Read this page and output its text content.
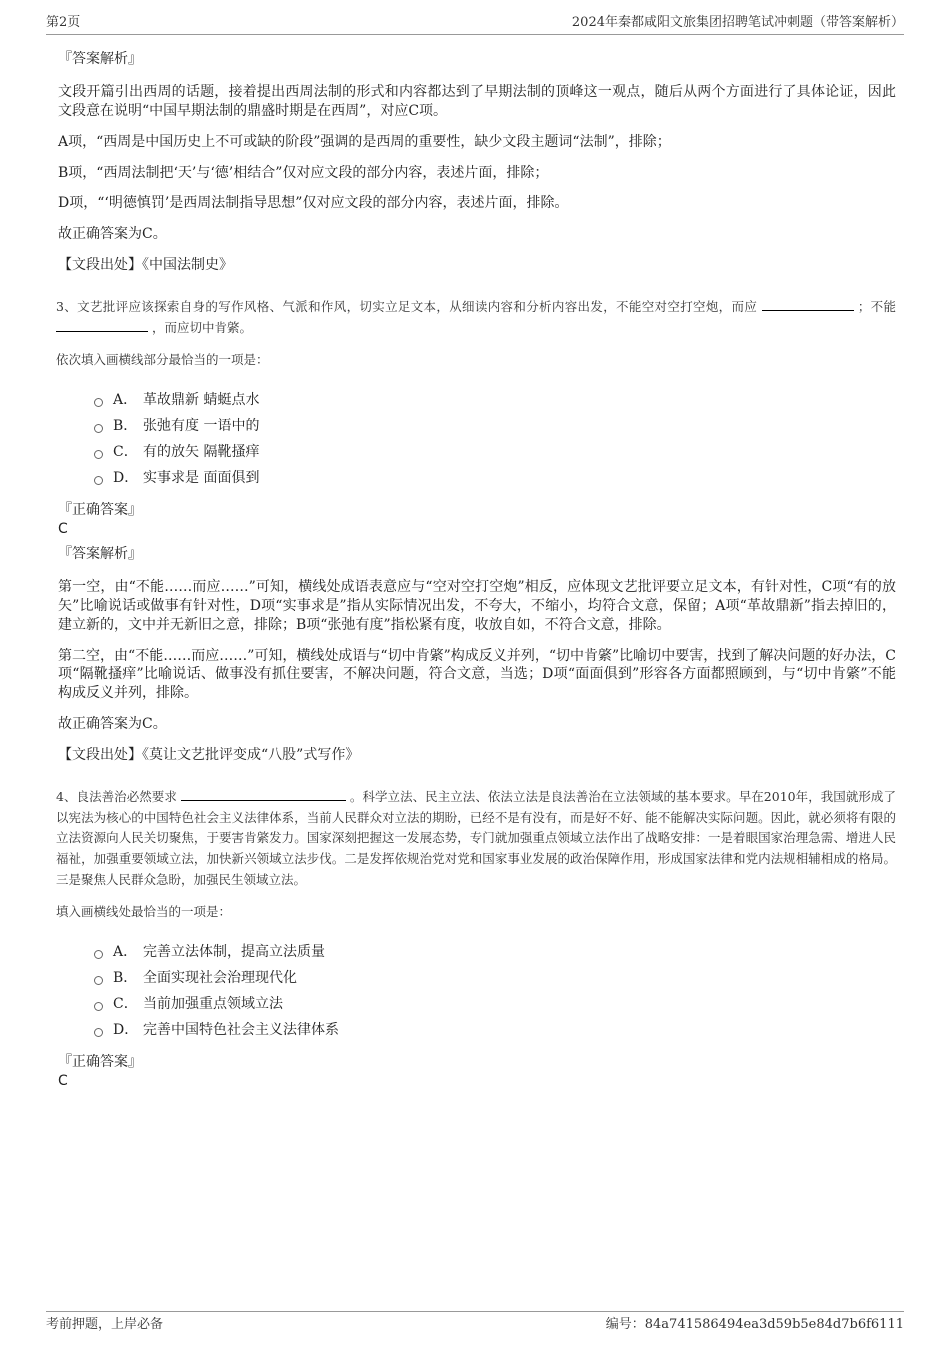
第2页	2024年秦都咸阳文旅集团招聘笔试冲刺题（带答案解析）
『答案解析』

文段开篇引出西周的话题，接着提出西周法制的形式和内容都达到了早期法制的顶峰这一观点，随后从两个方面进行了具体论证，因此文段意在说明“中国早期法制的鼎盛时期是在西周”，对应C项。

A项，“西周是中国历史上不可或缺的阶段”强调的是西周的重要性，缺少文段主题词“法制”，排除；

B项，“西周法制把‘天’与‘德’相结合”仅对应文段的部分内容，表述片面，排除；

D项，“‘明德慎罚’是西周法制指导思想”仅对应文段的部分内容，表述片面，排除。

故正确答案为C。

【文段出处】《中国法制史》

3、文艺批评应该探索自身的写作风格、气派和作风，切实立足文本，从细读内容和分析内容出发，不能空对空打空炮，而应	；不能  ，而应切中肯綮。

依次填入画横线部分最恰当的一项是：

A． 革故鼎新 蜻蜓点水
B． 张弛有度 一语中的
C． 有的放矢 隔靴搔痒
D． 实事求是 面面俱到
『正确答案』
C
『答案解析』

第一空，由“不能……而应……”可知，横线处成语表意应与“空对空打空炮”相反，应体现文艺批评要立足文本，有针对性，C项“有的放矢”比喻说话或做事有针对性，D项“实事求是”指从实际情况出发，不夸大，不缩小，均符合文意，保留；A项“革故鼎新”指去掉旧的，建立新的，文中并无新旧之意，排除；B项“张弛有度”指松紧有度，收放自如，不符合文意，排除。

第二空，由“不能……而应……”可知，横线处成语与“切中肯綮”构成反义并列，“切中肯綮”比喻切中要害，找到了解决问题的好办法，C项“隔靴搔痒”比喻说话、做事没有抓住要害，不解决问题，符合文意，当选；D项“面面俱到”形容各方面都照顾到，与“切中肯綮”不能构成反义并列，排除。

故正确答案为C。

【文段出处】《莫让文艺批评变成“八股”式写作》

4、良法善治必然要求	。科学立法、民主立法、依法立法是良法善治在立法领域的基本要求。早在2010年，我国就形成了以宪法为核心的中国特色社会主义法律体系，当前人民群众对立法的期盼，已经不是有没有，而是好不好、能不能解决实际问题。因此，就必须将有限的立法资源向人民关切聚焦，于要害肯綮发力。国家深刻把握这一发展态势，专门就加强重点领域立法作出了战略安排：一是着眼国家治理急需、增进人民福祉，加强重要领域立法，加快新兴领域立法步伐。二是发挥依规治党对党和国家事业发展的政治保障作用，形成国家法律和党内法规相辅相成的格局。三是聚焦人民群众急盼，加强民生领域立法。

填入画横线处最恰当的一项是：

A． 完善立法体制，提高立法质量
B． 全面实现社会治理现代化
C． 当前加强重点领域立法
D． 完善中国特色社会主义法律体系
『正确答案』
C
考前押题，上岸必备	编号：84a741586494ea3d59b5e84d7b6f6111
